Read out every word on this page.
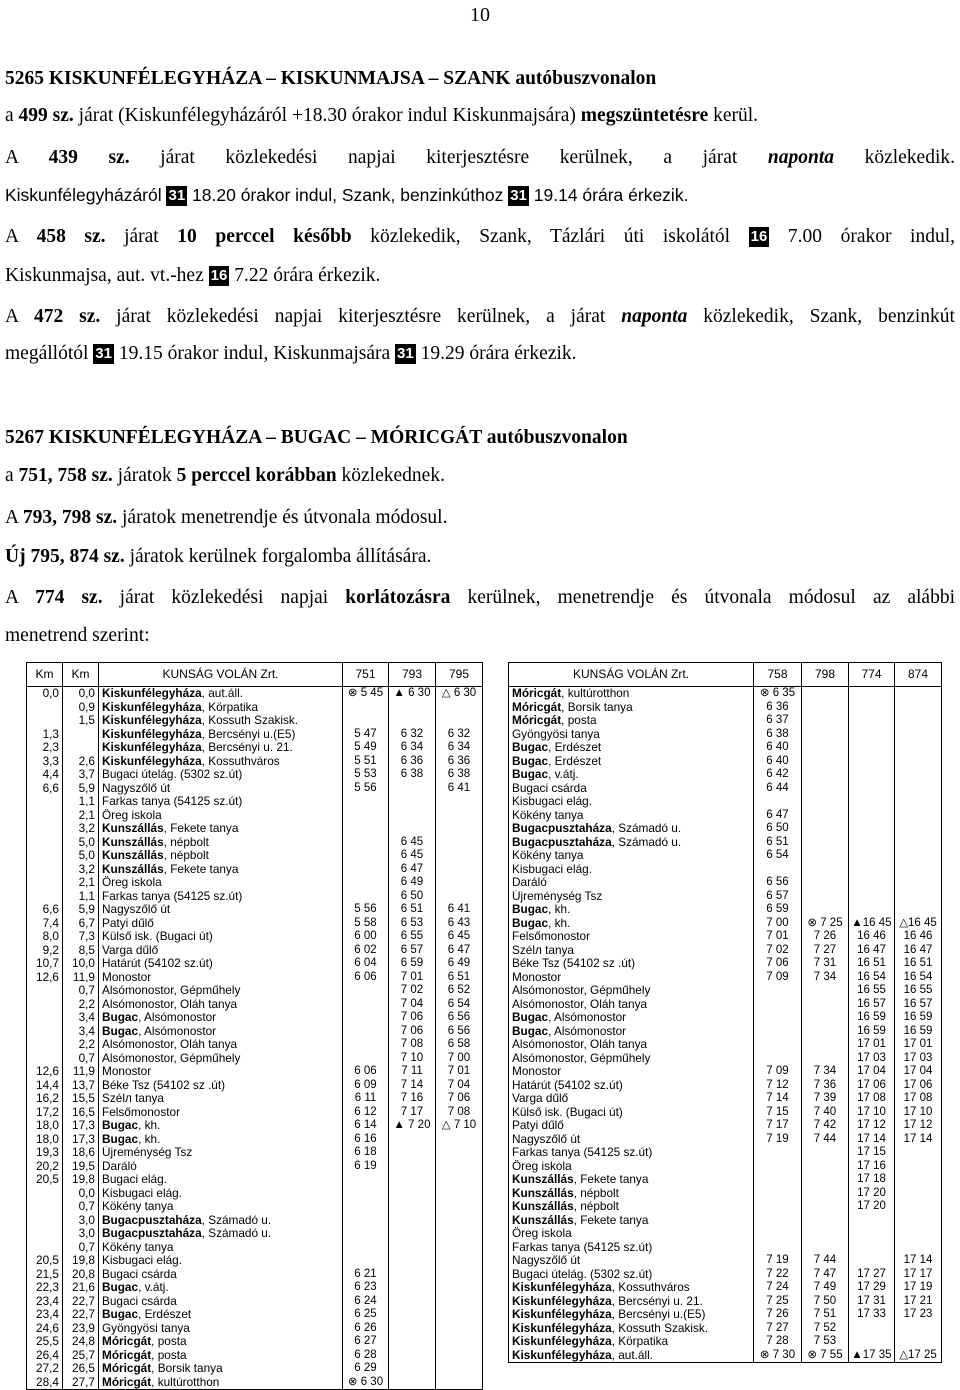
10
5265 KISKUNFÉLEGYHÁZA – KISKUNMAJSA – SZANK autóbuszvonalon
a 499 sz. járat (Kiskunfélegyházáról +18.30 órakor indul Kiskunmajsára) megszüntetésre kerül.
A 439 sz. járat közlekedési napjai kiterjesztésre kerülnek, a járat naponta közlekedik.
Kiskunfélegyházáról 31 18.20 órakor indul, Szank, benzinkúthoz 31 19.14 órára érkezik.
A 458 sz. járat 10 perccel később közlekedik, Szank, Tázlári úti iskolától 16 7.00 órakor indul,
Kiskunmajsa, aut. vt.-hez 16 7.22 órára érkezik.
A 472 sz. járat közlekedési napjai kiterjesztésre kerülnek, a járat naponta közlekedik, Szank, benzinkút
megállótól 31 19.15 órakor indul, Kiskunmajsára 31 19.29 órára érkezik.
5267 KISKUNFÉLEGYHÁZA – BUGAC – MÓRICGÁT autóbuszvonalon
a 751, 758 sz. járatok 5 perccel korábban közlekednek.
A 793, 798 sz. járatok menetrendje és útvonala módosul.
Új 795, 874 sz. járatok kerülnek forgalomba állítására.
A 774 sz. járat közlekedési napjai korlátozásra kerülnek, menetrendje és útvonala módosul az alábbi
menetrend szerint:
Km	Km	KUNSÁG VOLÁN Zrt.	751	793	795
0,0	0,0	Kiskunfélegyháza, aut.áll.	⊗ 5 45	▲ 6 30	△ 6 30
	0,9	Kiskunfélegyháza, Körpatika			
	1,5	Kiskunfélegyháza, Kossuth Szakisk.			
1,3		Kiskunfélegyháza, Bercsényi u.(E5)	5 47	6 32	6 32
2,3		Kiskunfélegyháza, Bercsényi u. 21.	5 49	6 34	6 34
3,3	2,6	Kiskunfélegyháza, Kossuthváros	5 51	6 36	6 36
4,4	3,7	Bugaci útelág. (5302 sz.út)	5 53	6 38	6 38
6,6	5,9	Nagyszőlő út	5 56		6 41
	1,1	Farkas tanya (54125 sz.út)			
	2,1	Öreg iskola			
	3,2	Kunszállás, Fekete tanya			
	5,0	Kunszállás, népbolt		6 45	
	5,0	Kunszállás, népbolt		6 45	
	3,2	Kunszállás, Fekete tanya		6 47	
	2,1	Öreg iskola		6 49	
	1,1	Farkas tanya (54125 sz.út)		6 50	
6,6	5,9	Nagyszőlő út	5 56	6 51	6 41
7,4	6,7	Patyi dűlő	5 58	6 53	6 43
8,0	7,3	Külső isk. (Bugaci út)	6 00	6 55	6 45
9,2	8,5	Varga dűlő	6 02	6 57	6 47
10,7	10,0	Határút (54102 sz.út)	6 04	6 59	6 49
12,6	11,9	Monostor	6 06	7 01	6 51
	0,7	Alsómonostor, Gépműhely		7 02	6 52
	2,2	Alsómonostor, Oláh tanya		7 04	6 54
	3,4	Bugac, Alsómonostor		7 06	6 56
	3,4	Bugac, Alsómonostor		7 06	6 56
	2,2	Alsómonostor, Oláh tanya		7 08	6 58
	0,7	Alsómonostor, Gépműhely		7 10	7 00
12,6	11,9	Monostor	6 06	7 11	7 01
14,4	13,7	Béke Tsz (54102 sz .út)	6 09	7 14	7 04
16,2	15,5	Szélл tanya	6 11	7 16	7 06
17,2	16,5	Felsőmonostor	6 12	7 17	7 08
18,0	17,3	Bugac, kh.	6 14	▲ 7 20	△ 7 10
18,0	17,3	Bugac, kh.	6 16		
19,3	18,6	Újreménység Tsz	6 18		
20,2	19,5	Daráló	6 19		
20,5	19,8	Bugaci elág.			
	0,0	Kisbugaci elág.			
	0,7	Kökény tanya			
	3,0	Bugacpusztaháza, Számadó u.			
	3,0	Bugacpusztaháza, Számadó u.			
	0,7	Kökény tanya			
20,5	19,8	Kisbugaci elág.			
21,5	20,8	Bugaci csárda	6 21		
22,3	21,6	Bugac, v.átj.	6 23		
23,4	22,7	Bugaci csárda	6 24		
23,4	22,7	Bugac, Erdészet	6 25		
24,6	23,9	Gyöngyösi tanya	6 26		
25,5	24,8	Móricgát, posta	6 27		
26,4	25,7	Móricgát, posta	6 28		
27,2	26,5	Móricgát, Borsik tanya	6 29		
28,4	27,7	Móricgát, kultúrotthon	⊗ 6 30		
KUNSÁG VOLÁN Zrt.	758	798	774	874
Móricgát, kultúrotthon	⊗ 6 35			
Móricgát, Borsik tanya	6 36			
Móricgát, posta	6 37			
Gyöngyösi tanya	6 38			
Bugac, Erdészet	6 40			
Bugac, Erdészet	6 40			
Bugac, v.átj.	6 42			
Bugaci csárda	6 44			
Kisbugaci elág.				
Kökény tanya	6 47			
Bugacpusztaháza, Számadó u.	6 50			
Bugacpusztaháza, Számadó u.	6 51			
Kökény tanya	6 54			
Kisbugaci elág.				
Daráló	6 56			
Újreménység Tsz	6 57			
Bugac, kh.	6 59			
Bugac, kh.	7 00	⊗ 7 25	▲16 45	△16 45
Felsőmonostor	7 01	7 26	16 46	16 46
Szélл tanya	7 02	7 27	16 47	16 47
Béke Tsz (54102 sz .út)	7 06	7 31	16 51	16 51
Monostor	7 09	7 34	16 54	16 54
Alsómonostor, Gépműhely			16 55	16 55
Alsómonostor, Oláh tanya			16 57	16 57
Bugac, Alsómonostor			16 59	16 59
Bugac, Alsómonostor			16 59	16 59
Alsómonostor, Oláh tanya			17 01	17 01
Alsómonostor, Gépműhely			17 03	17 03
Monostor	7 09	7 34	17 04	17 04
Határút (54102 sz.út)	7 12	7 36	17 06	17 06
Varga dűlő	7 14	7 39	17 08	17 08
Külső isk. (Bugaci út)	7 15	7 40	17 10	17 10
Patyi dűlő	7 17	7 42	17 12	17 12
Nagyszőlő út	7 19	7 44	17 14	17 14
Farkas tanya (54125 sz.út)			17 15	
Öreg iskola			17 16	
Kunszállás, Fekete tanya			17 18	
Kunszállás, népbolt			17 20	
Kunszállás, népbolt			17 20	
Kunszállás, Fekete tanya				
Öreg iskola				
Farkas tanya (54125 sz.út)				
Nagyszőlő út	7 19	7 44		17 14
Bugaci útelág. (5302 sz.út)	7 22	7 47	17 27	17 17
Kiskunfélegyháza, Kossuthváros	7 24	7 49	17 29	17 19
Kiskunfélegyháza, Bercsényi u. 21.	7 25	7 50	17 31	17 21
Kiskunfélegyháza, Bercsényi u.(E5)	7 26	7 51	17 33	17 23
Kiskunfélegyháza, Kossuth Szakisk.	7 27	7 52		
Kiskunfélegyháza, Körpatika	7 28	7 53		
Kiskunfélegyháza, aut.áll.	⊗ 7 30	⊗ 7 55	▲17 35	△17 25
